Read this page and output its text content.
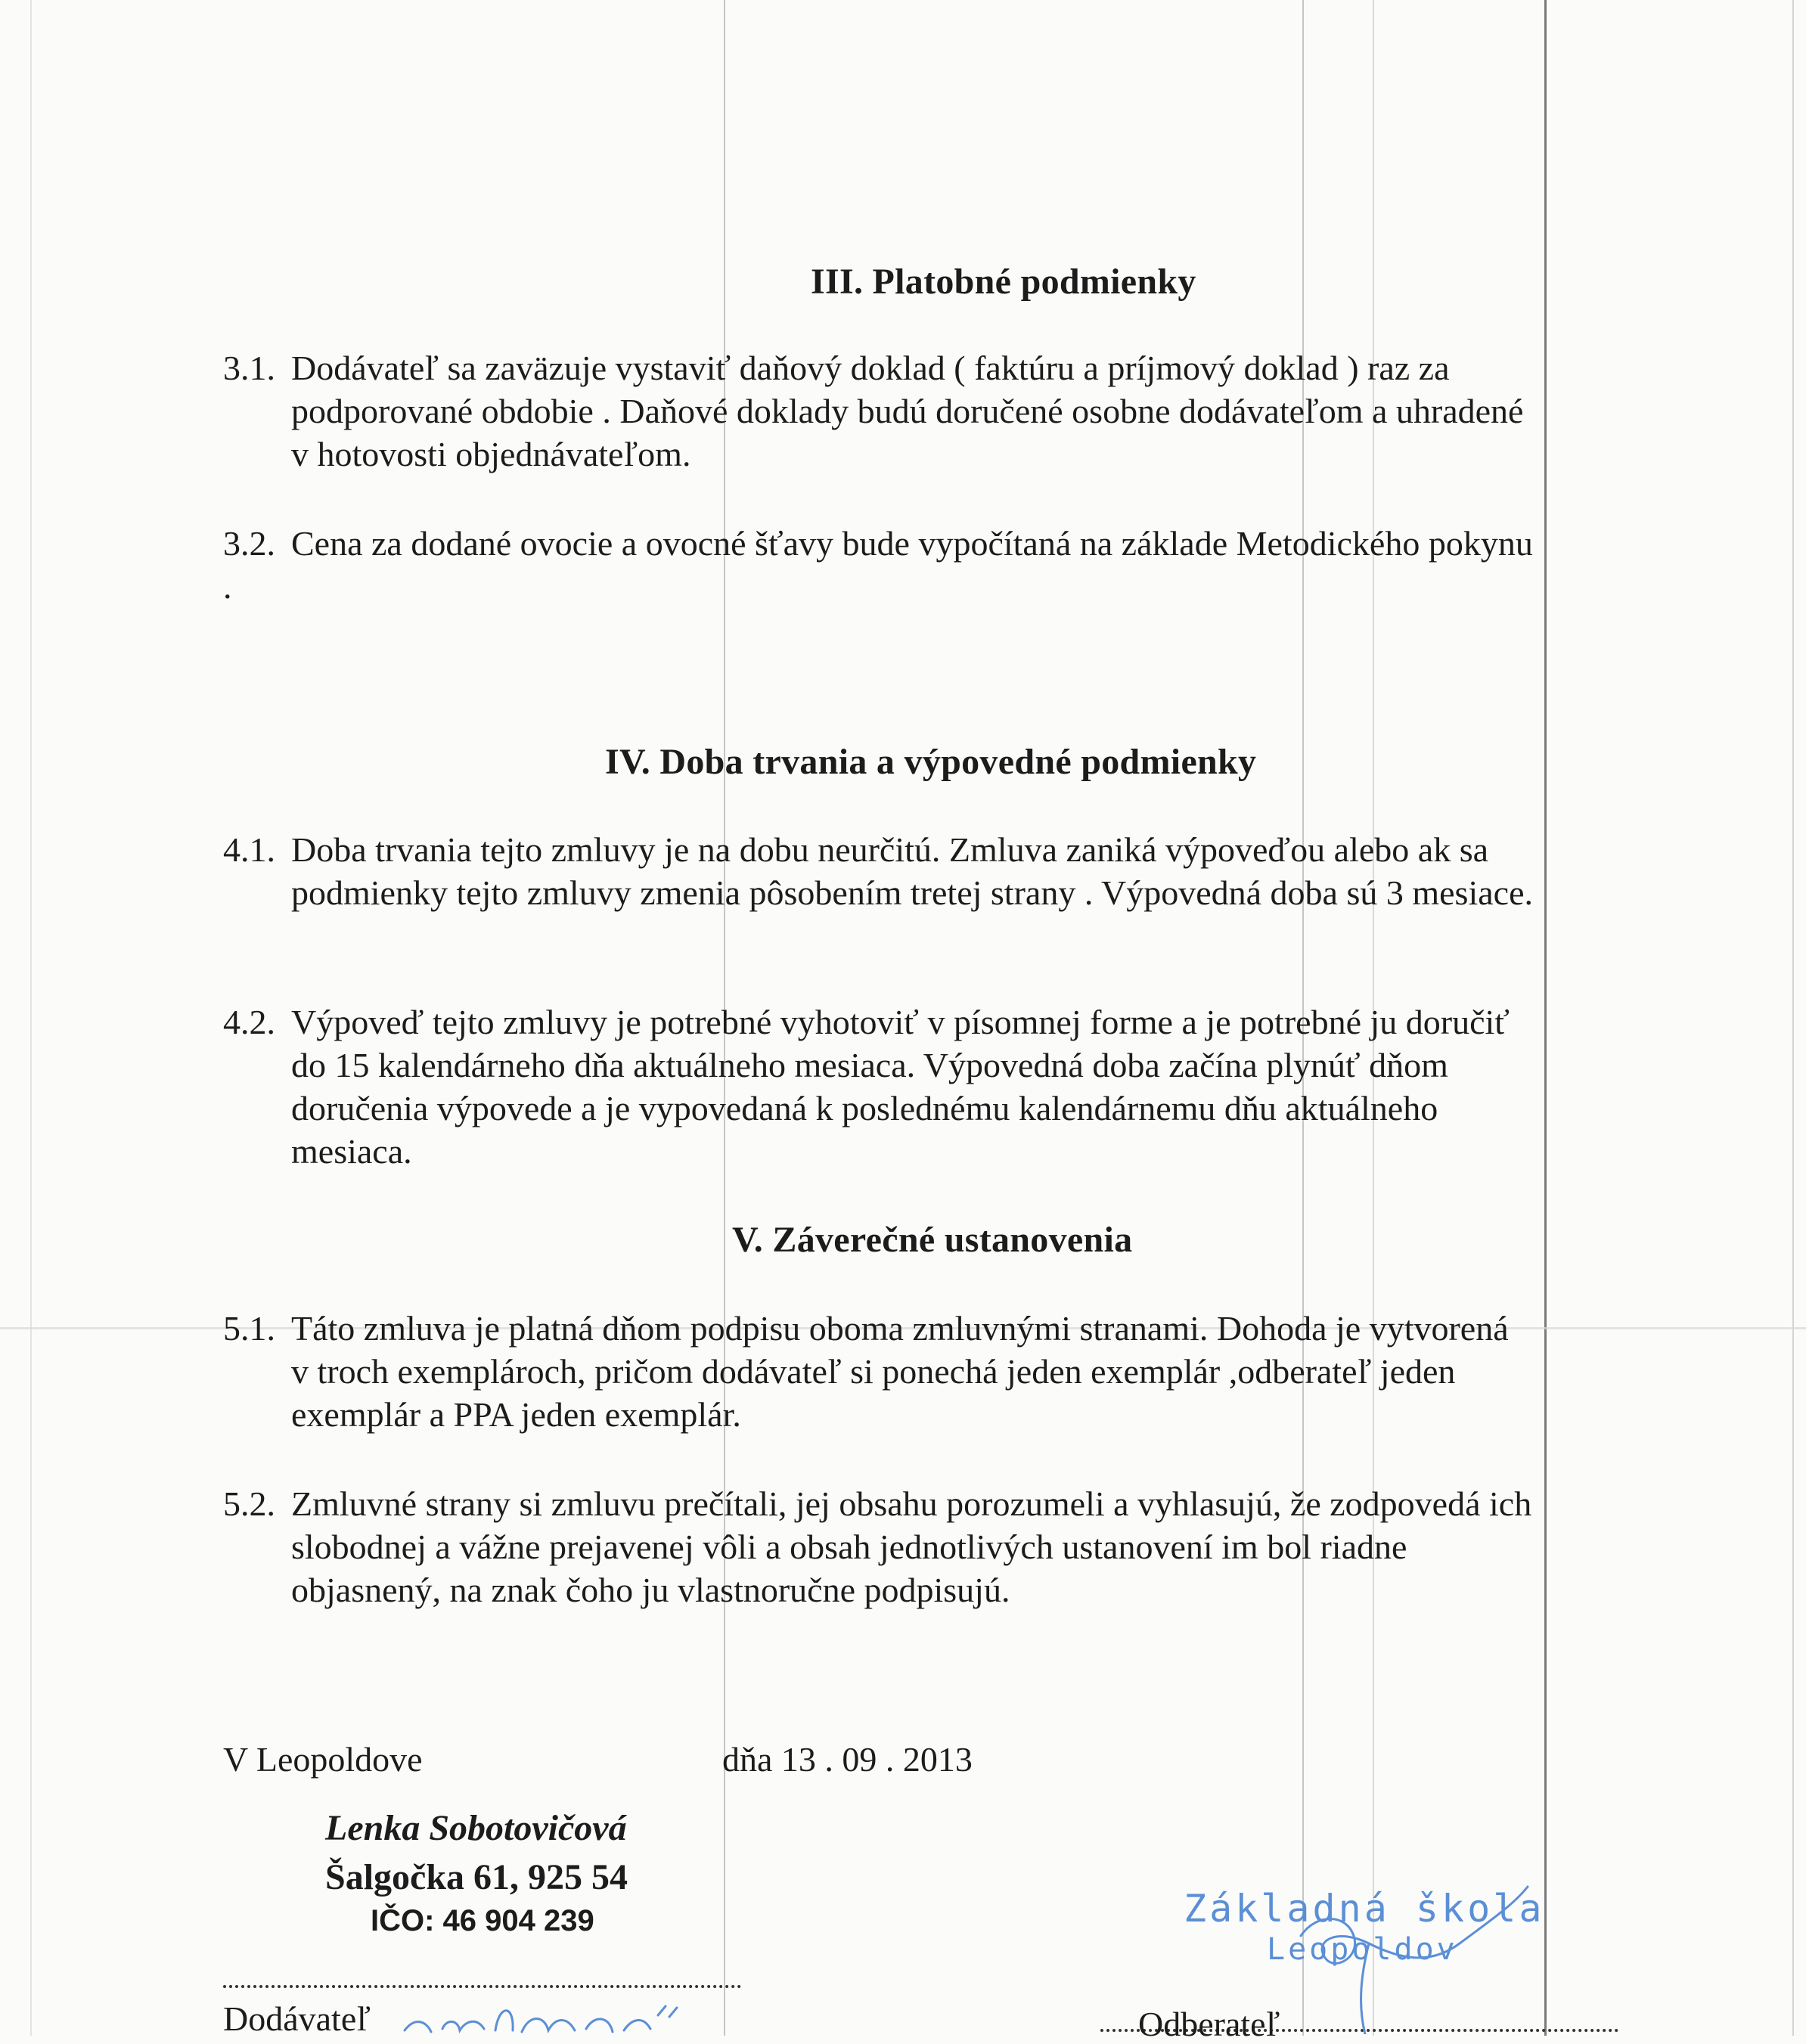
III. Platobné podmienky
3.1. Dodávateľ sa zaväzuje vystaviť daňový doklad ( faktúru a príjmový doklad ) raz za
podporované obdobie . Daňové doklady budú doručené osobne dodávateľom a uhradené
v hotovosti objednávateľom.
3.2. Cena za dodané ovocie a ovocné šťavy bude vypočítaná na základe Metodického pokynu
.
IV. Doba trvania a výpovedné podmienky
4.1. Doba trvania tejto zmluvy je na dobu neurčitú. Zmluva zaniká výpoveďou alebo ak sa
podmienky tejto zmluvy zmenia pôsobením tretej strany . Výpovedná doba sú 3 mesiace.
4.2. Výpoveď tejto zmluvy je potrebné vyhotoviť v písomnej forme a je potrebné ju doručiť
do 15 kalendárneho dňa aktuálneho mesiaca. Výpovedná doba začína plynúť dňom
doručenia výpovede a je vypovedaná k poslednému kalendárnemu dňu aktuálneho
mesiaca.
V. Záverečné ustanovenia
5.1. Táto zmluva je platná dňom podpisu oboma zmluvnými stranami. Dohoda je vytvorená
v troch exemplároch, pričom dodávateľ si ponechá jeden exemplár ,odberateľ jeden
exemplár a PPA jeden exemplár.
5.2. Zmluvné strany si zmluvu prečítali, jej obsahu porozumeli a vyhlasujú, že zodpovedá ich
slobodnej a vážne prejavenej vôli a obsah jednotlivých ustanovení im bol riadne
objasnený, na znak čoho ju vlastnoručne podpisujú.
V Leopoldove	dňa 13 . 09 . 2013
Lenka Sobotovičová
Šalgočka 61, 925 54
IČO: 46 904 239	Základná škola
Leopoldov
Dodávateľ	Odberateľ
